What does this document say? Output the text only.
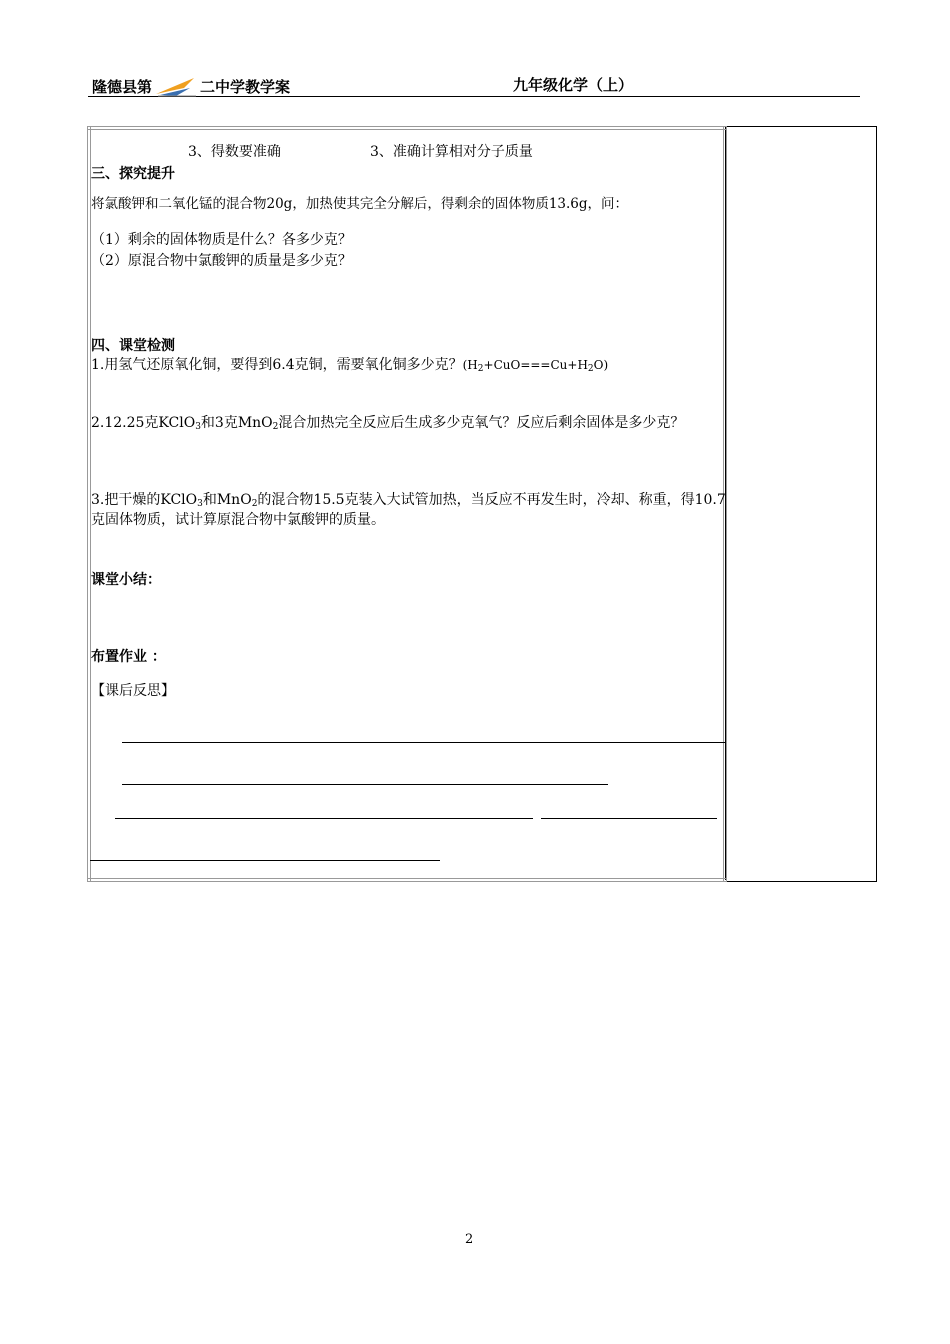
隆德县第	二中学教学案	九年级化学（上）
3、得数要准确	3、准确计算相对分子质量
三、探究提升
将氯酸钾和二氧化锰的混合物20g，加热使其完全分解后，得剩余的固体物质13.6g，问：
（1）剩余的固体物质是什么？各多少克？
（2）原混合物中氯酸钾的质量是多少克？
四、课堂检测
1.用氢气还原氧化铜，要得到6.4克铜，需要氧化铜多少克？$(H_2+CuO===Cu+H_2O)$
2.12.25克KClO$_3$和3克MnO$_2$混合加热完全反应后生成多少克氧气？反应后剩余固体是多少克？
3.把干燥的KClO$_3$和MnO$_2$的混合物15.5克装入大试管加热，当反应不再发生时，冷却、称重，得10.7克固体物质，试计算原混合物中氯酸钾的质量。
课堂小结：
布置作业 ：
【课后反思】
2
